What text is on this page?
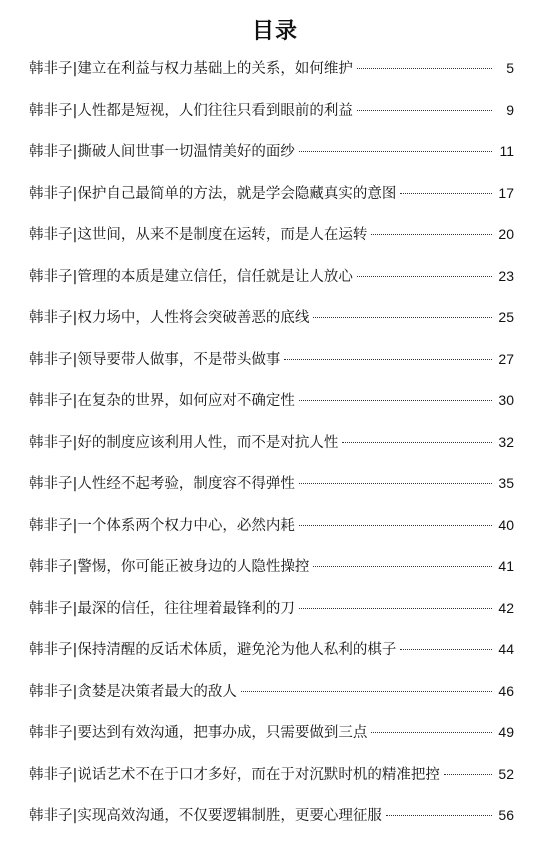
目录
韩非子|建立在利益与权力基础上的关系，如何维护	5
韩非子|人性都是短视，人们往往只看到眼前的利益	9
韩非子|撕破人间世事一切温情美好的面纱	11
韩非子|保护自己最简单的方法，就是学会隐藏真实的意图	17
韩非子|这世间，从来不是制度在运转，而是人在运转	20
韩非子|管理的本质是建立信任，信任就是让人放心	23
韩非子|权力场中，人性将会突破善恶的底线	25
韩非子|领导要带人做事，不是带头做事	27
韩非子|在复杂的世界，如何应对不确定性	30
韩非子|好的制度应该利用人性，而不是对抗人性	32
韩非子|人性经不起考验，制度容不得弹性	35
韩非子|一个体系两个权力中心，必然内耗	40
韩非子|警惕，你可能正被身边的人隐性操控	41
韩非子|最深的信任，往往埋着最锋利的刀	42
韩非子|保持清醒的反话术体质，避免沦为他人私利的棋子	44
韩非子|贪婪是决策者最大的敌人	46
韩非子|要达到有效沟通，把事办成，只需要做到三点	49
韩非子|说话艺术不在于口才多好，而在于对沉默时机的精准把控	52
韩非子|实现高效沟通，不仅要逻辑制胜，更要心理征服	56
